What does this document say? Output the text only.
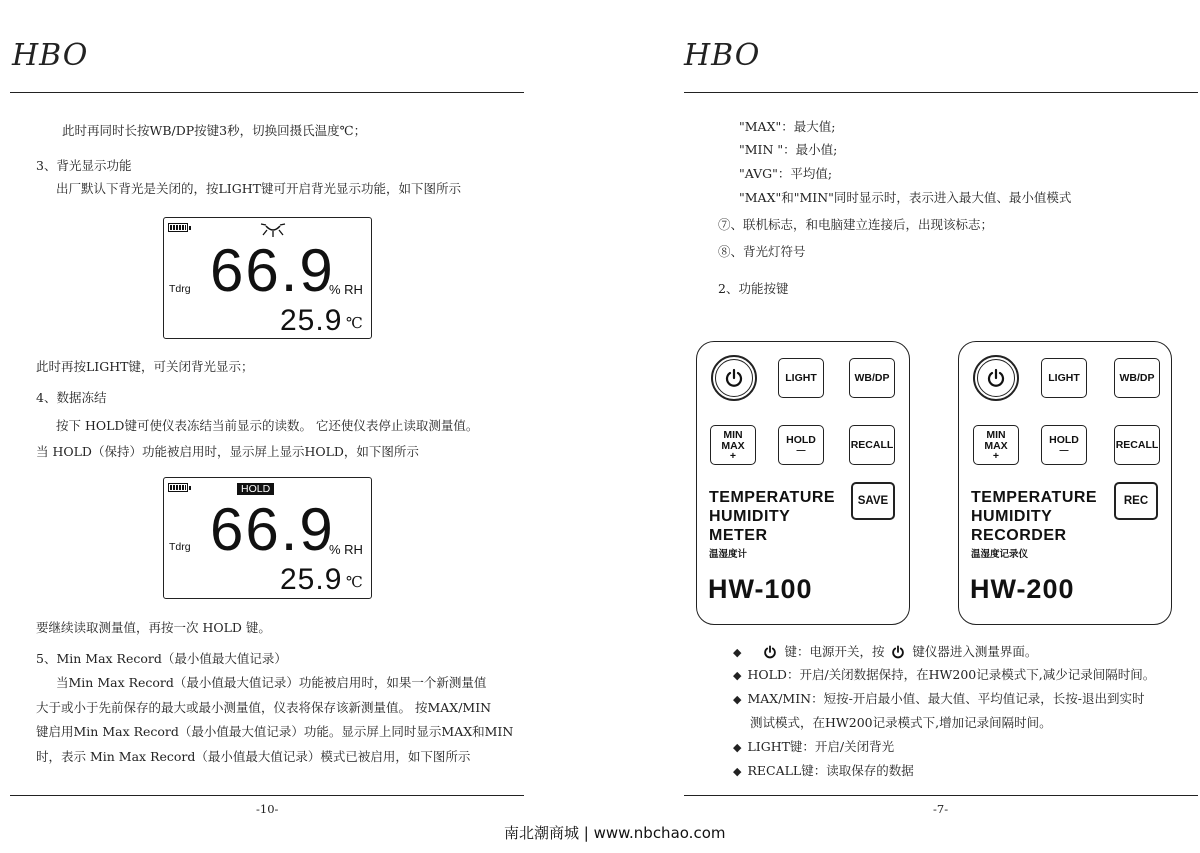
HBO
此时再同时长按WB/DP按键3秒，切换回摄氏温度℃；
3、背光显示功能
出厂默认下背光是关闭的，按LIGHT键可开启背光显示功能，如下图所示
Tdrg 66.9
% RH
25.9 ℃
此时再按LIGHT键，可关闭背光显示；
4、数据冻结
按下 HOLD键可使仪表冻结当前显示的读数。 它还使仪表停止读取测量值。
当 HOLD（保持）功能被启用时，显示屏上显示HOLD，如下图所示
HOLD
Tdrg 66.9
% RH
25.9 ℃
要继续读取测量值，再按一次 HOLD 键。
5、Min Max Record（最小值最大值记录）
当Min Max Record（最小值最大值记录）功能被启用时，如果一个新测量值
大于或小于先前保存的最大或最小测量值，仪表将保存该新测量值。 按MAX/MIN
键启用Min Max Record（最小值最大值记录）功能。显示屏上同时显示MAX和MIN
时，表示 Min Max Record（最小值最大值记录）模式已被启用，如下图所示
-10-
HBO
"MAX"：最大值;
"MIN "：最小值;
"AVG"：平均值;
"MAX"和"MIN"同时显示时，表示进入最大值、最小值模式
⑦、联机标志，和电脑建立连接后，出现该标志；
⑧、背光灯符号
2、功能按键
LIGHT	WB/DP
MIN
MAX
+
HOLD
—	RECALL
TEMPERATURE
HUMIDITY
METER
SAVE
温湿度计
HW-100
LIGHT	WB/DP
MIN
MAX
+
HOLD
—	RECALL
TEMPERATURE
HUMIDITY
RECORDER
REC
温湿度记录仪
HW-200
◆	键：电源开关，按 键仪器进入测量界面。
◆ HOLD：开启/关闭数据保持，在HW200记录模式下,减少记录间隔时间。
◆ MAX/MIN：短按-开启最小值、最大值、平均值记录，长按-退出到实时
测试模式，在HW200记录模式下,增加记录间隔时间。
◆ LIGHT键：开启/关闭背光
◆ RECALL键：读取保存的数据
-7-
南北潮商城 | www.nbchao.com
